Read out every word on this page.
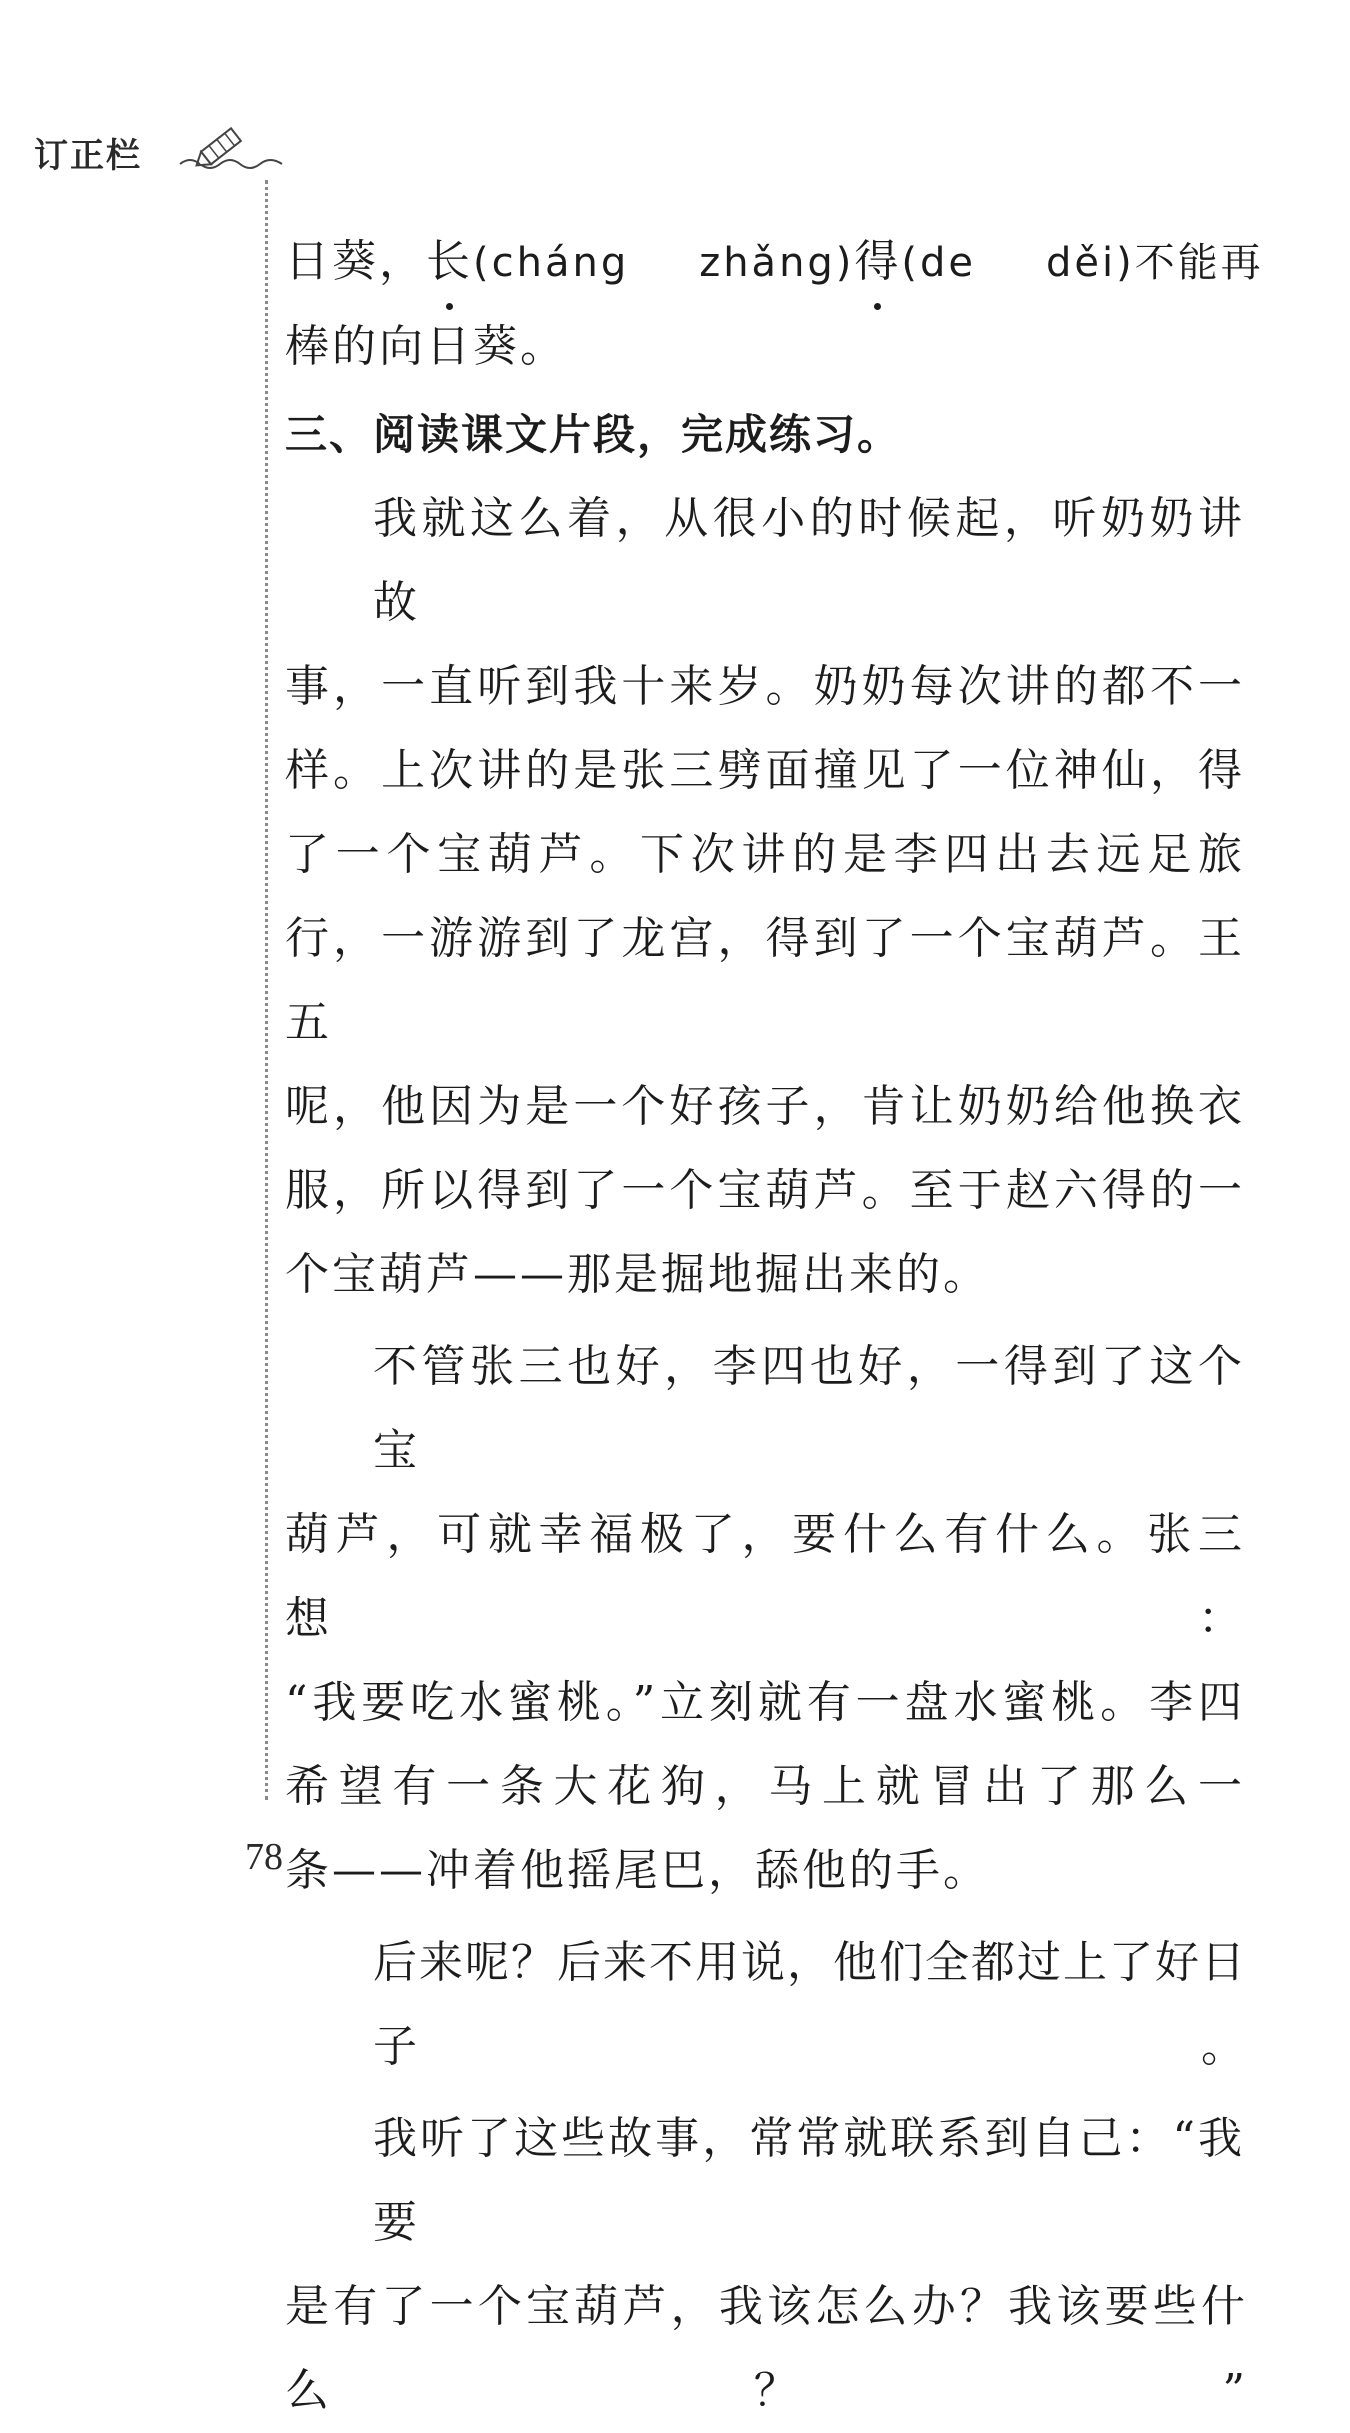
订正栏
日葵，长(cháng zhǎng)得(de děi)不能再
棒的向日葵。
三、阅读课文片段，完成练习。
我就这么着，从很小的时候起，听奶奶讲故
事，一直听到我十来岁。奶奶每次讲的都不一
样。上次讲的是张三劈面撞见了一位神仙，得
了一个宝葫芦。下次讲的是李四出去远足旅
行，一游游到了龙宫，得到了一个宝葫芦。王五
呢，他因为是一个好孩子，肯让奶奶给他换衣
服，所以得到了一个宝葫芦。至于赵六得的一
个宝葫芦——那是掘地掘出来的。
不管张三也好，李四也好，一得到了这个宝
葫芦，可就幸福极了，要什么有什么。张三想：
“我要吃水蜜桃。”立刻就有一盘水蜜桃。李四
希望有一条大花狗，马上就冒出了那么一
条——冲着他摇尾巴，舔他的手。
后来呢？后来不用说，他们全都过上了好日子。
我听了这些故事，常常就联系到自己：“我要
是有了一个宝葫芦，我该怎么办？我该要些什么？”
78
